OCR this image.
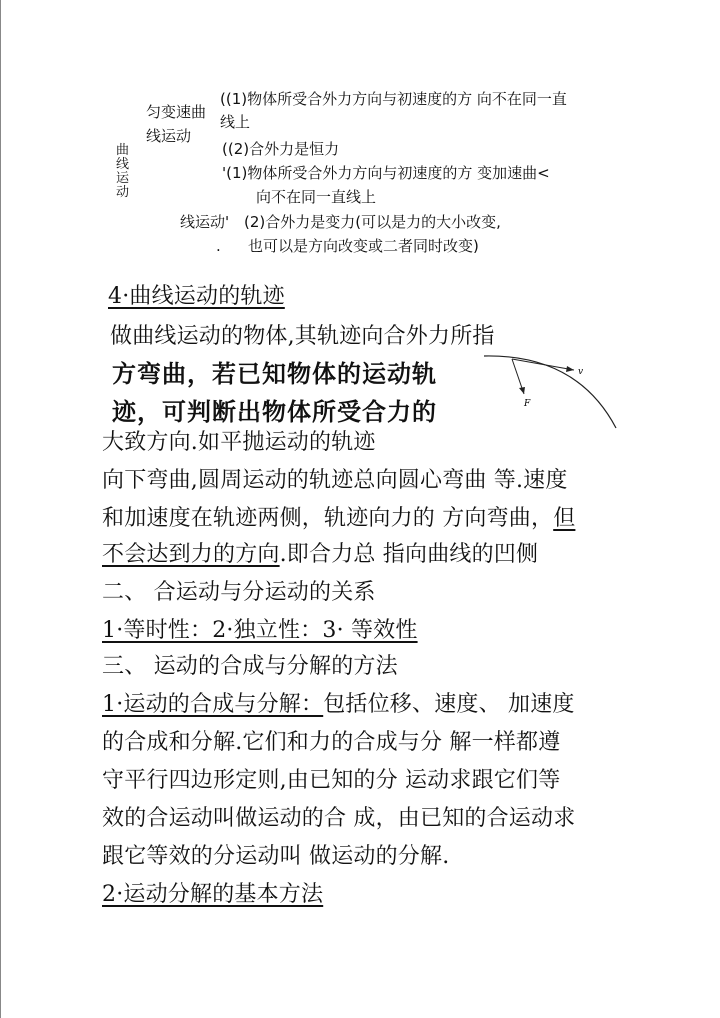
曲线运动
匀变速曲
线运动
((1)物体所受合外力方向与初速度的方 向不在同一直
线上
((2)合外力是恒力
'(1)物体所受合外力方向与初速度的方 变加速曲<
向不在同一直线上
线运动' (2)合外力是变力(可以是力的大小改变,
. 也可以是方向改变或二者同时改变)
4·曲线运动的轨迹
做曲线运动的物体,其轨迹向合外力所指
方弯曲，若已知物体的运动轨
迹，可判断出物体所受合力的
v
F
大致方向.如平抛运动的轨迹
向下弯曲,圆周运动的轨迹总向圆心弯曲 等.速度
和加速度在轨迹两侧，轨迹向力的 方向弯曲，但
不会达到力的方向.即合力总 指向曲线的凹侧
二、 合运动与分运动的关系
1·等时性：2·独立性：3· 等效性
三、 运动的合成与分解的方法
1·运动的合成与分解：包括位移、速度、 加速度
的合成和分解.它们和力的合成与分 解一样都遵
守平行四边形定则,由已知的分 运动求跟它们等
效的合运动叫做运动的合 成，由已知的合运动求
跟它等效的分运动叫 做运动的分解.
2·运动分解的基本方法
